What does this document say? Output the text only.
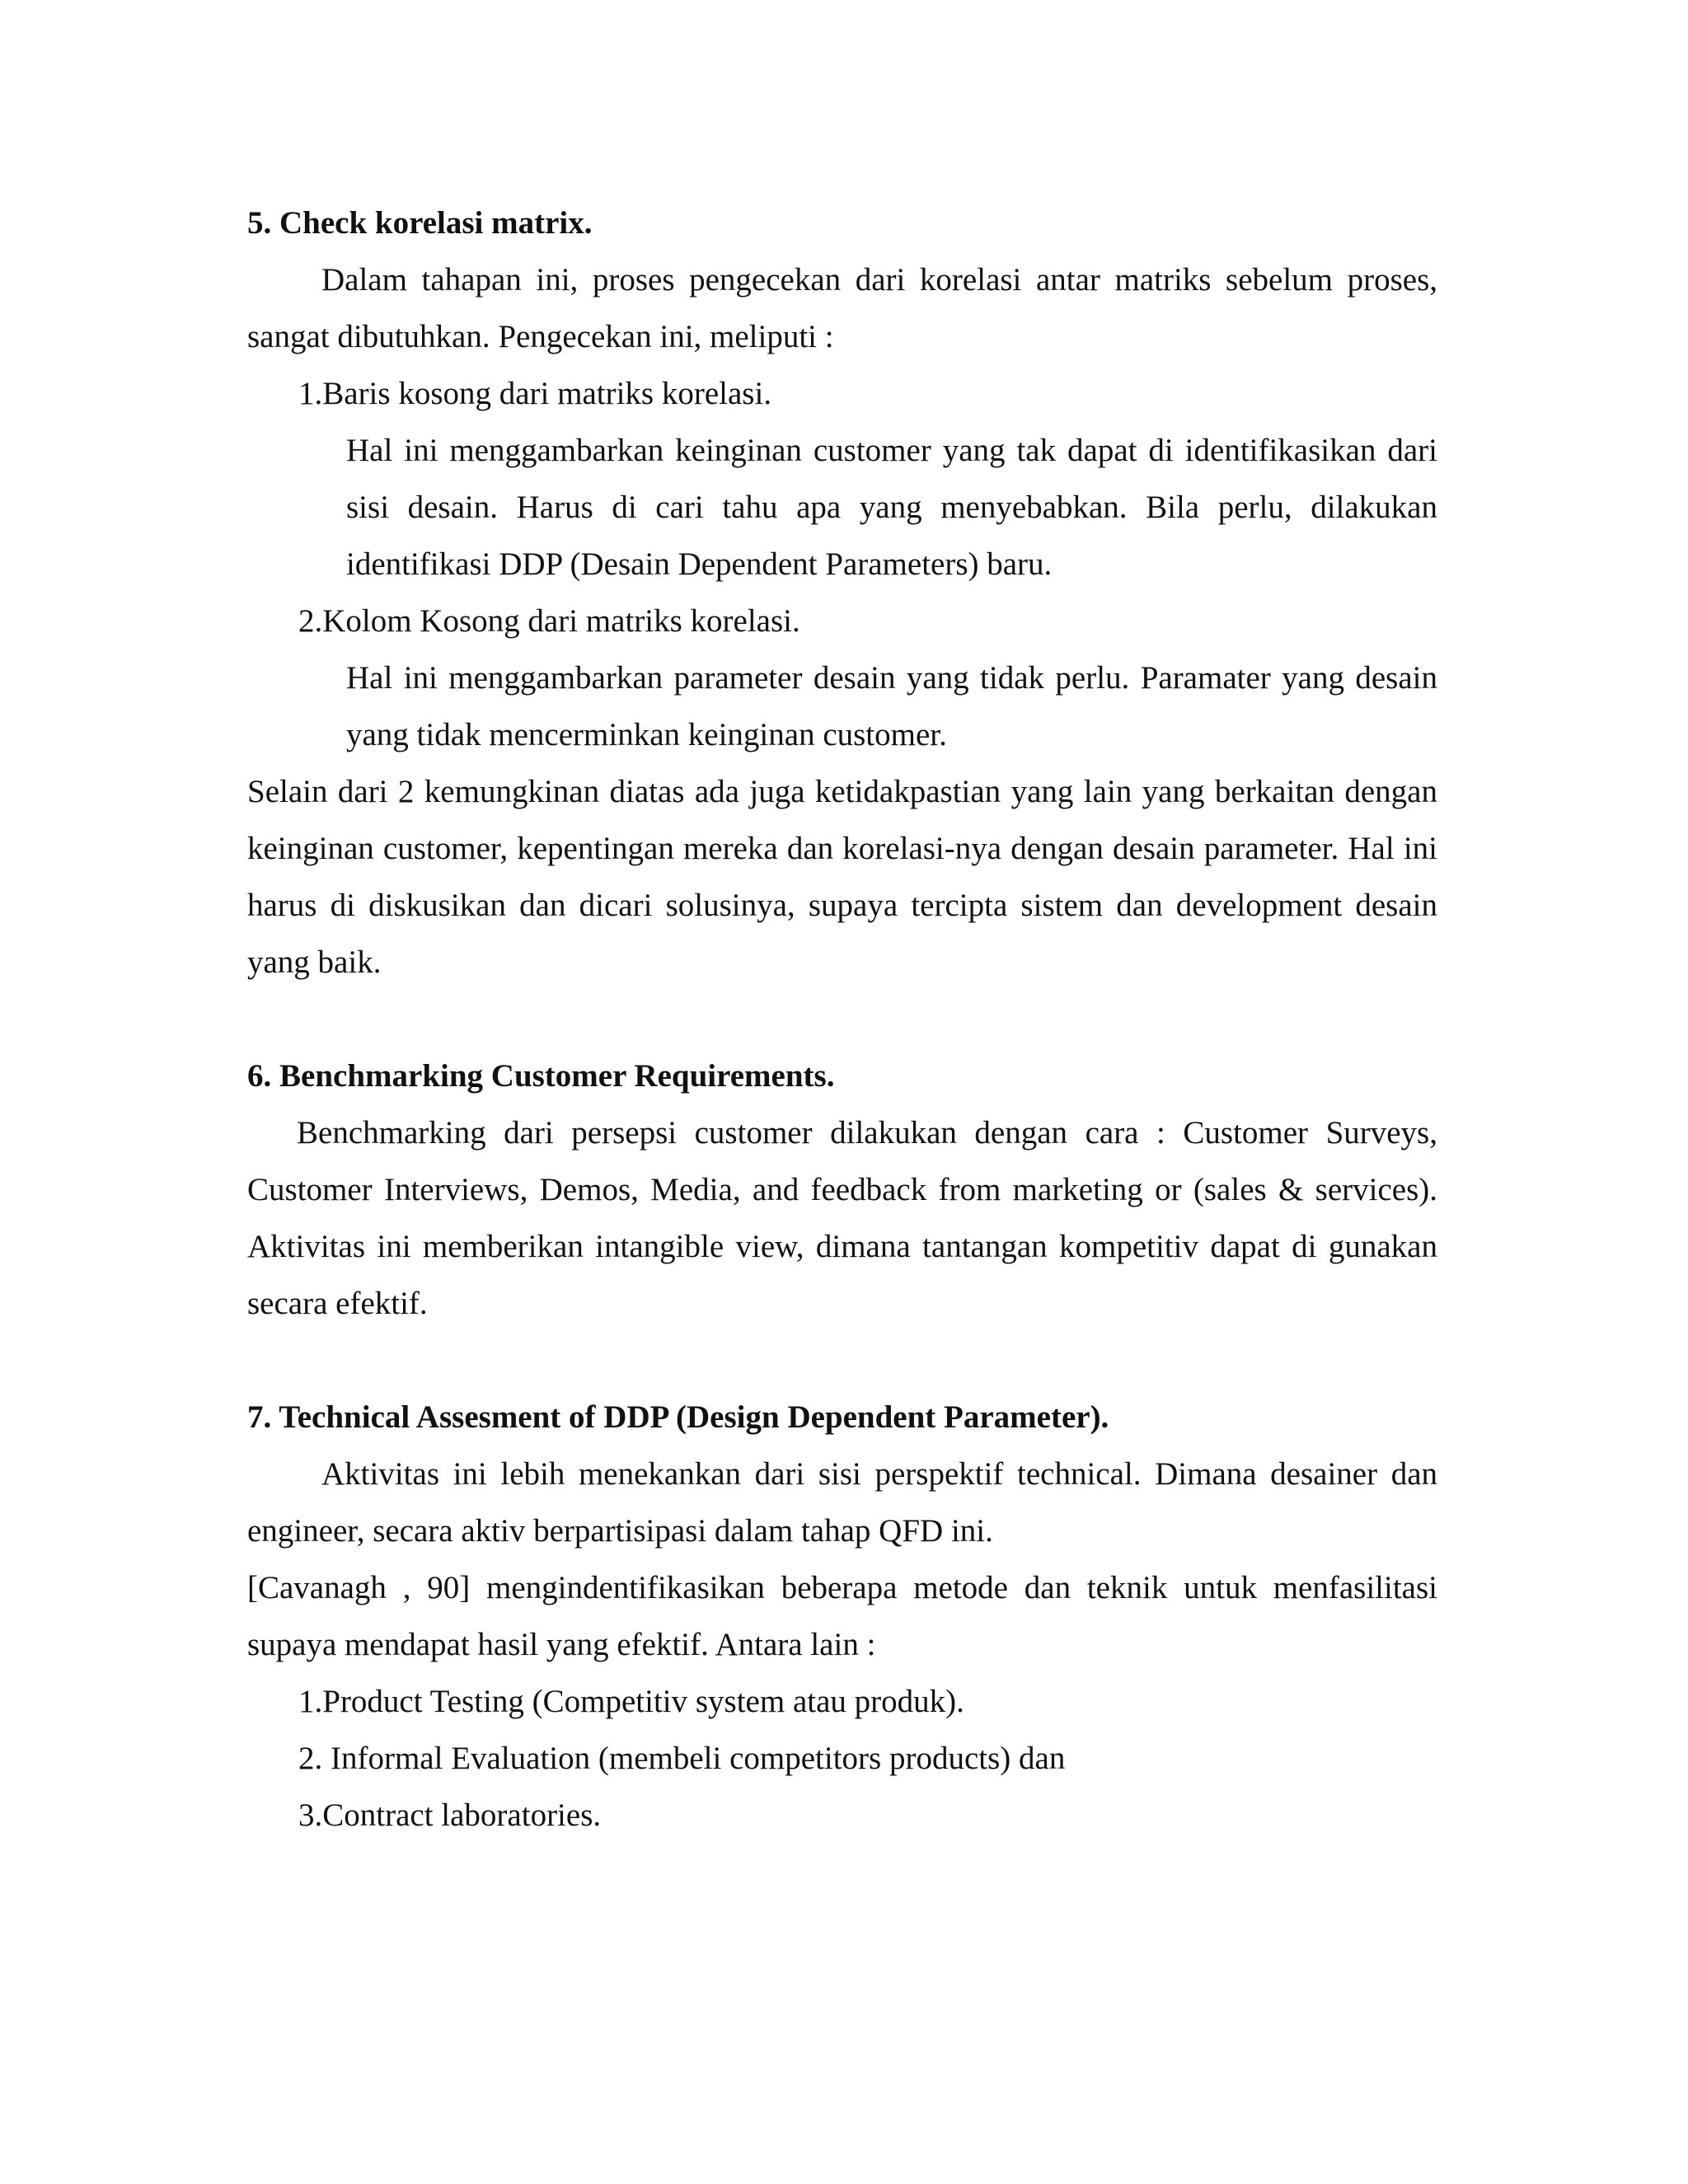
5. Check korelasi matrix.

Dalam tahapan ini, proses pengecekan dari korelasi antar matriks sebelum proses, sangat dibutuhkan. Pengecekan ini, meliputi :

1.Baris kosong dari matriks korelasi.

Hal ini menggambarkan keinginan customer yang tak dapat di identifikasikan dari sisi desain. Harus di cari tahu apa yang menyebabkan. Bila perlu, dilakukan identifikasi DDP (Desain Dependent Parameters) baru.

2.Kolom Kosong dari matriks korelasi.

Hal ini menggambarkan parameter desain yang tidak perlu. Paramater yang desain yang tidak mencerminkan keinginan customer.

Selain dari 2 kemungkinan diatas ada juga ketidakpastian yang lain yang berkaitan dengan keinginan customer, kepentingan mereka dan korelasi-nya dengan desain parameter. Hal ini harus di diskusikan dan dicari solusinya, supaya tercipta sistem dan development desain yang baik.

6. Benchmarking Customer Requirements.

Benchmarking dari persepsi customer dilakukan dengan cara : Customer Surveys, Customer Interviews, Demos, Media, and feedback from marketing or (sales & services). Aktivitas ini memberikan intangible view, dimana tantangan kompetitiv dapat di gunakan secara efektif.

7. Technical Assesment of DDP (Design Dependent Parameter).

Aktivitas ini lebih menekankan dari sisi perspektif technical. Dimana desainer dan engineer, secara aktiv berpartisipasi dalam tahap QFD ini.

[Cavanagh , 90] mengindentifikasikan beberapa metode dan teknik untuk menfasilitasi supaya mendapat hasil yang efektif. Antara lain :

1.Product Testing (Competitiv system atau produk).

2. Informal Evaluation (membeli competitors products) dan

3.Contract laboratories.
